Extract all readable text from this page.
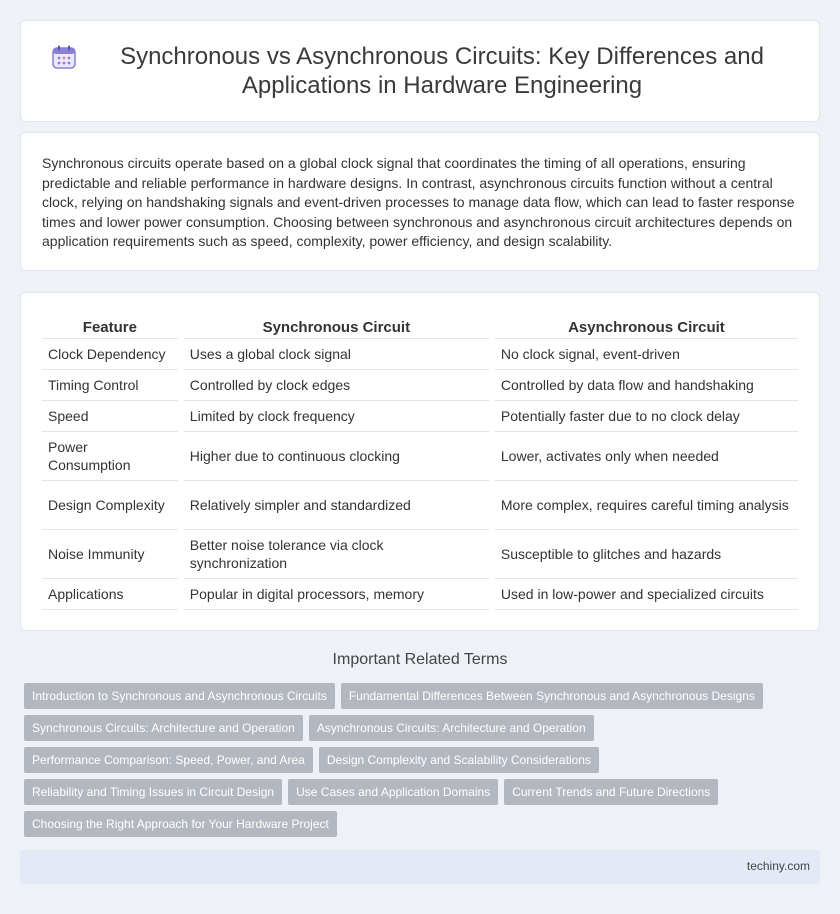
Synchronous vs Asynchronous Circuits: Key Differences and Applications in Hardware Engineering

Synchronous circuits operate based on a global clock signal that coordinates the timing of all operations, ensuring predictable and reliable performance in hardware designs. In contrast, asynchronous circuits function without a central clock, relying on handshaking signals and event-driven processes to manage data flow, which can lead to faster response times and lower power consumption. Choosing between synchronous and asynchronous circuit architectures depends on application requirements such as speed, complexity, power efficiency, and design scalability.

Feature	Synchronous Circuit	Asynchronous Circuit
Clock Dependency	Uses a global clock signal	No clock signal, event-driven
Timing Control	Controlled by clock edges	Controlled by data flow and handshaking
Speed	Limited by clock frequency	Potentially faster due to no clock delay
Power Consumption	Higher due to continuous clocking	Lower, activates only when needed
Design Complexity	Relatively simpler and standardized	More complex, requires careful timing analysis
Noise Immunity	Better noise tolerance via clock synchronization	Susceptible to glitches and hazards
Applications	Popular in digital processors, memory	Used in low-power and specialized circuits
Important Related Terms
Introduction to Synchronous and Asynchronous Circuits	Fundamental Differences Between Synchronous and Asynchronous Designs
Synchronous Circuits: Architecture and Operation	Asynchronous Circuits: Architecture and Operation
Performance Comparison: Speed, Power, and Area	Design Complexity and Scalability Considerations
Reliability and Timing Issues in Circuit Design	Use Cases and Application Domains	Current Trends and Future Directions
Choosing the Right Approach for Your Hardware Project
techiny.com
